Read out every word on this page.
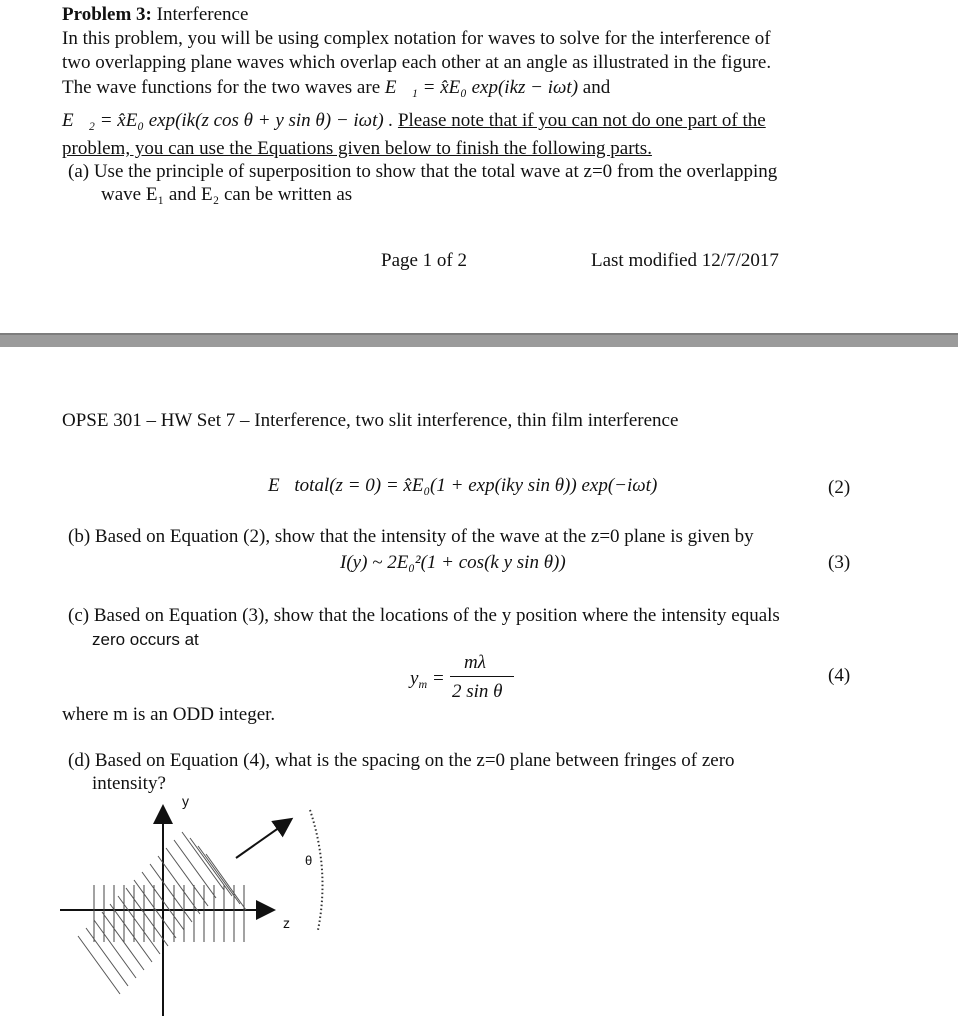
Problem 3: Interference
In this problem, you will be using complex notation for waves to solve for the interference of
two overlapping plane waves which overlap each other at an angle as illustrated in the figure.
The wave functions for the two waves are E⃗₁ = x̂E₀ exp(ikz − iωt) and
E⃗₂ = x̂E₀ exp(ik(z cos θ + y sin θ) − iωt) . Please note that if you can not do one part of the
problem, you can use the Equations given below to finish the following parts.
(a) Use the principle of superposition to show that the total wave at z=0 from the overlapping
wave E₁ and E₂ can be written as
Page 1 of 2	Last modified 12/7/2017
OPSE 301 – HW Set 7 – Interference, two slit interference, thin film interference
E⃗total(z = 0) = x̂E₀(1 + exp(iky sin θ)) exp(−iωt)	(2)
(b) Based on Equation (2), show that the intensity of the wave at the z=0 plane is given by
I(y) ~ 2E₀²(1 + cos(k y sin θ))	(3)
(c) Based on Equation (3), show that the locations of the y position where the intensity equals
zero occurs at
$y_m$ =
mλ
2 sin θ
(4)
where m is an ODD integer.
(d) Based on Equation (4), what is the spacing on the z=0 plane between fringes of zero
intensity?
y
z
θ
